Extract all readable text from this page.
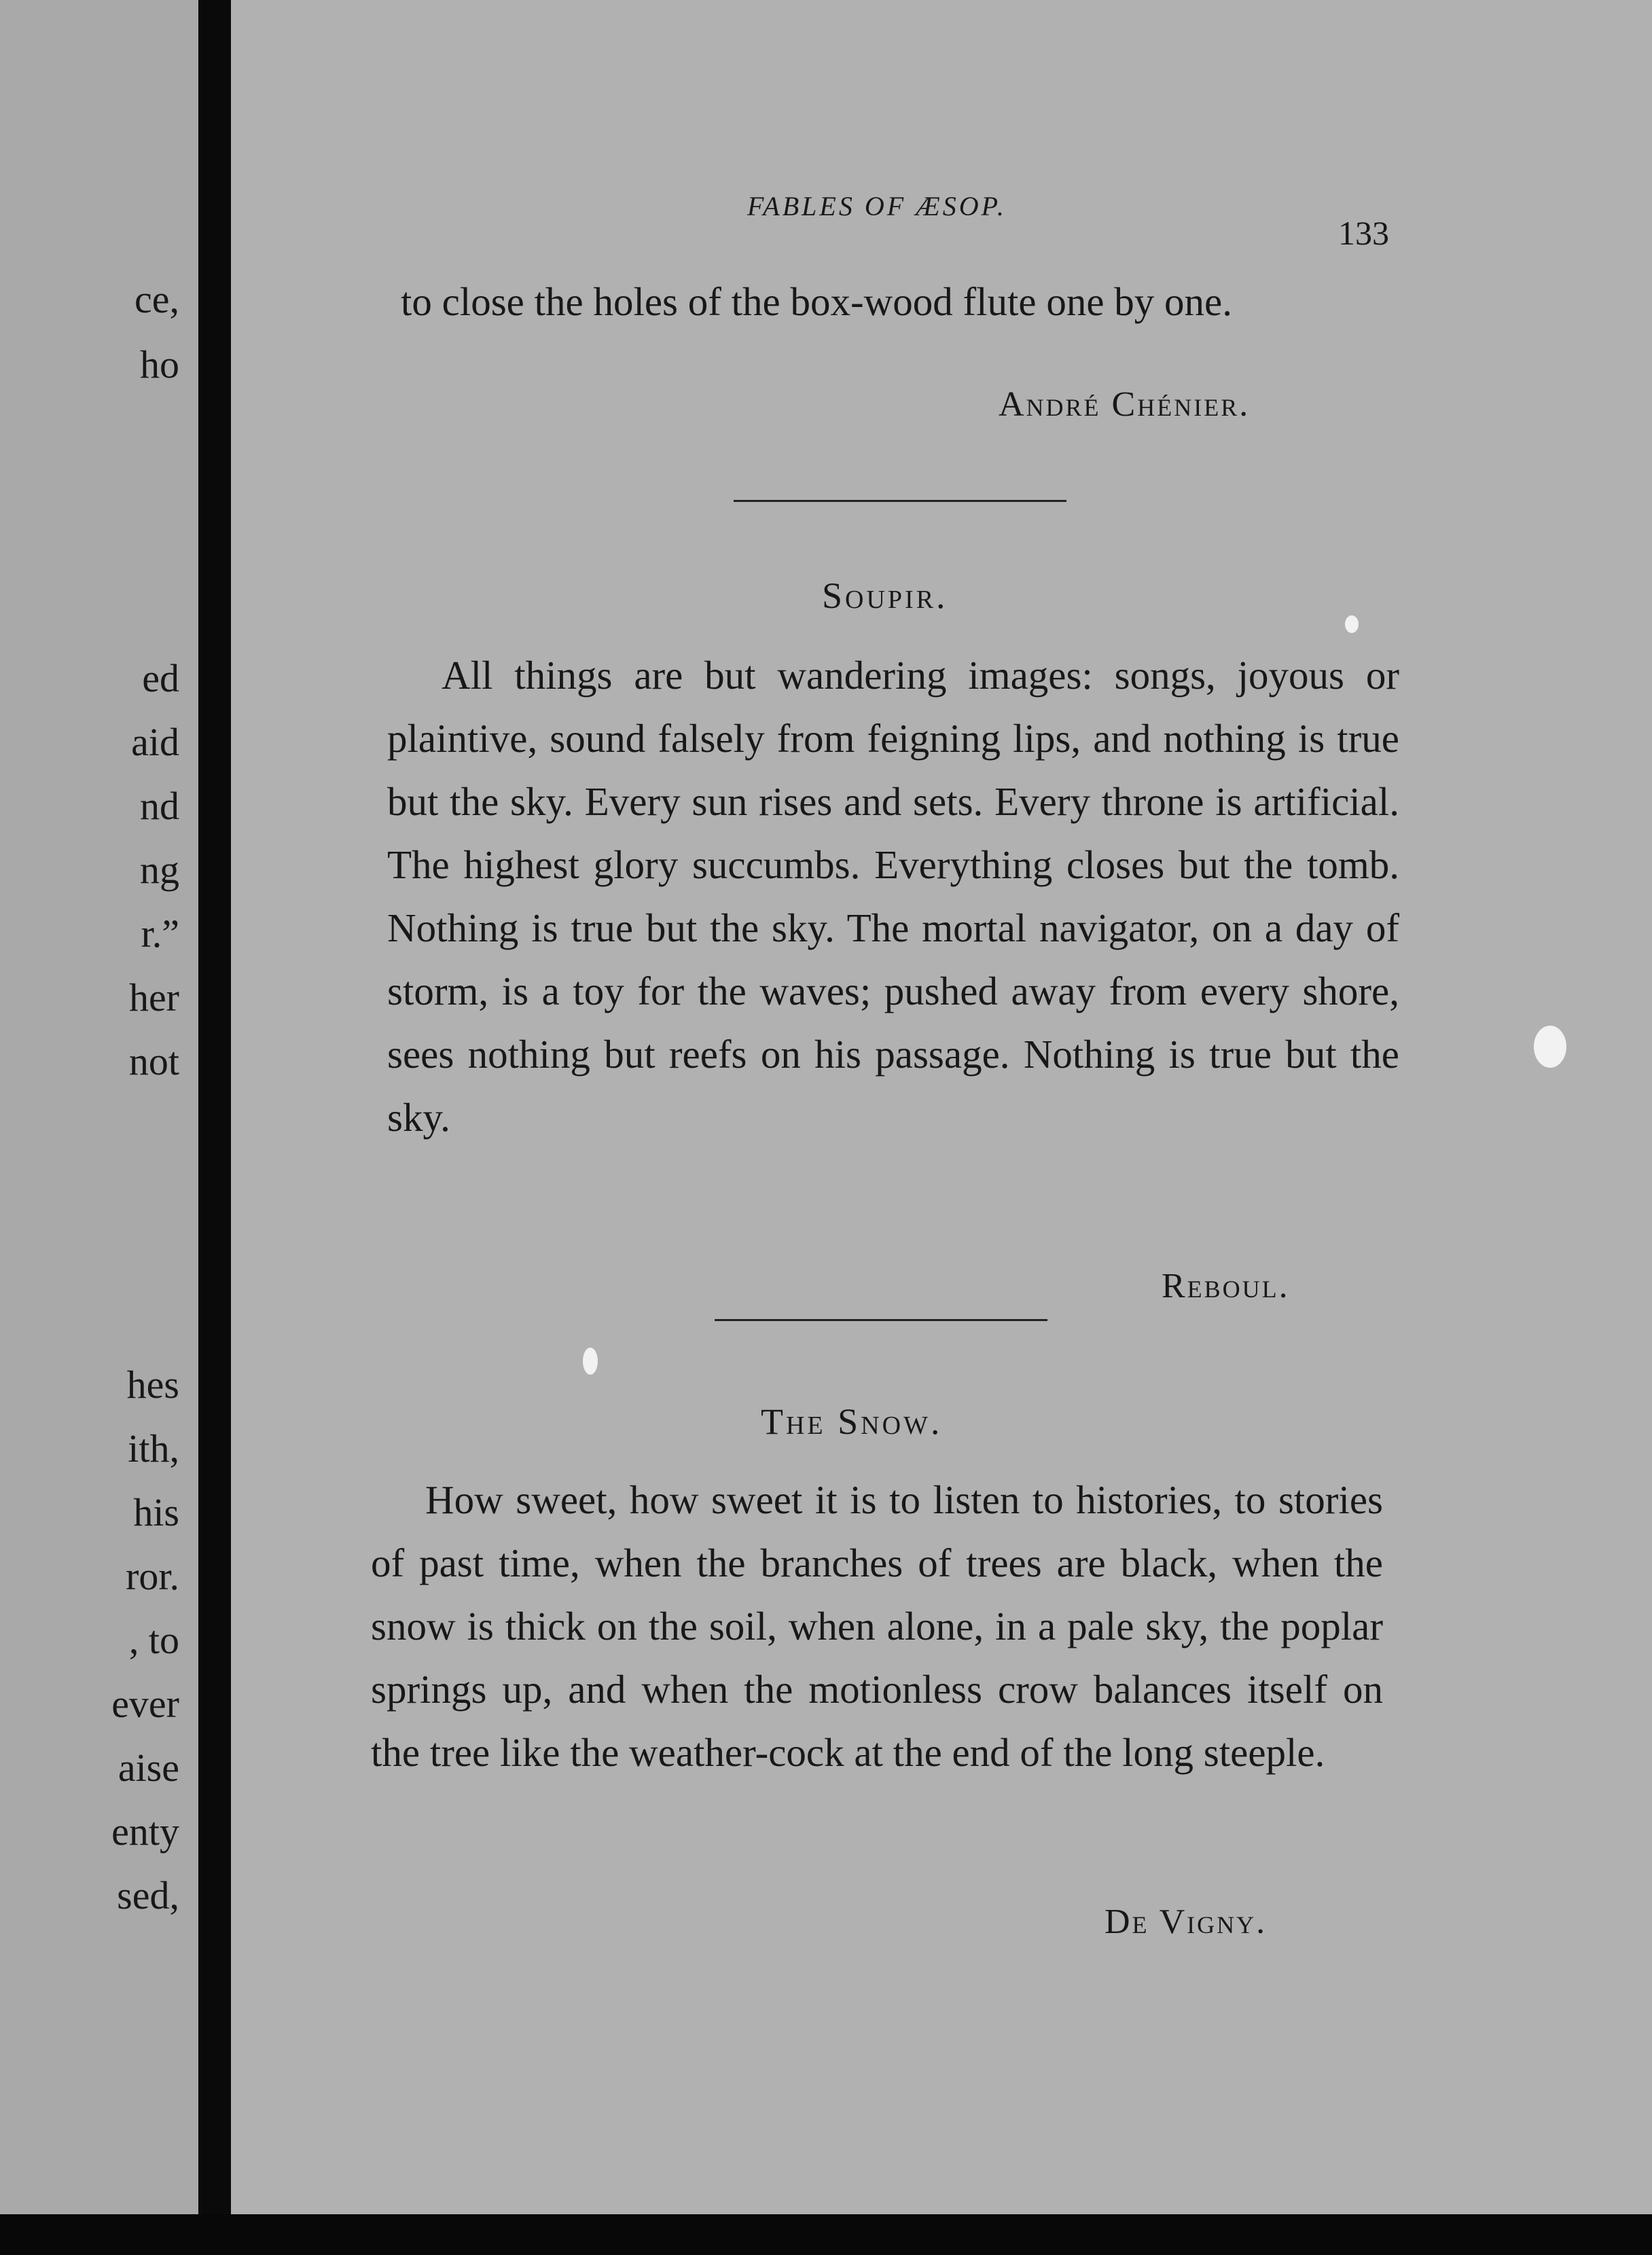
ce,
ho
ed
aid
nd
ng
r.”
her
not
hes
ith,
his
ror.
, to
ever
aise
enty
sed,
FABLES OF ÆSOP.
133
to close the holes of the box-wood flute one by one.
André Chénier.
Soupir.
All things are but wandering images: songs, joyous or plaintive, sound falsely from feigning lips, and nothing is true but the sky. Every sun rises and sets. Every throne is artificial. The highest glory succumbs. Everything closes but the tomb. Nothing is true but the sky. The mortal navigator, on a day of storm, is a toy for the waves; pushed away from every shore, sees nothing but reefs on his passage. Nothing is true but the sky.
Reboul.
The Snow.
How sweet, how sweet it is to listen to histories, to stories of past time, when the branches of trees are black, when the snow is thick on the soil, when alone, in a pale sky, the poplar springs up, and when the motionless crow balances itself on the tree like the weather-cock at the end of the long steeple.
De Vigny.
